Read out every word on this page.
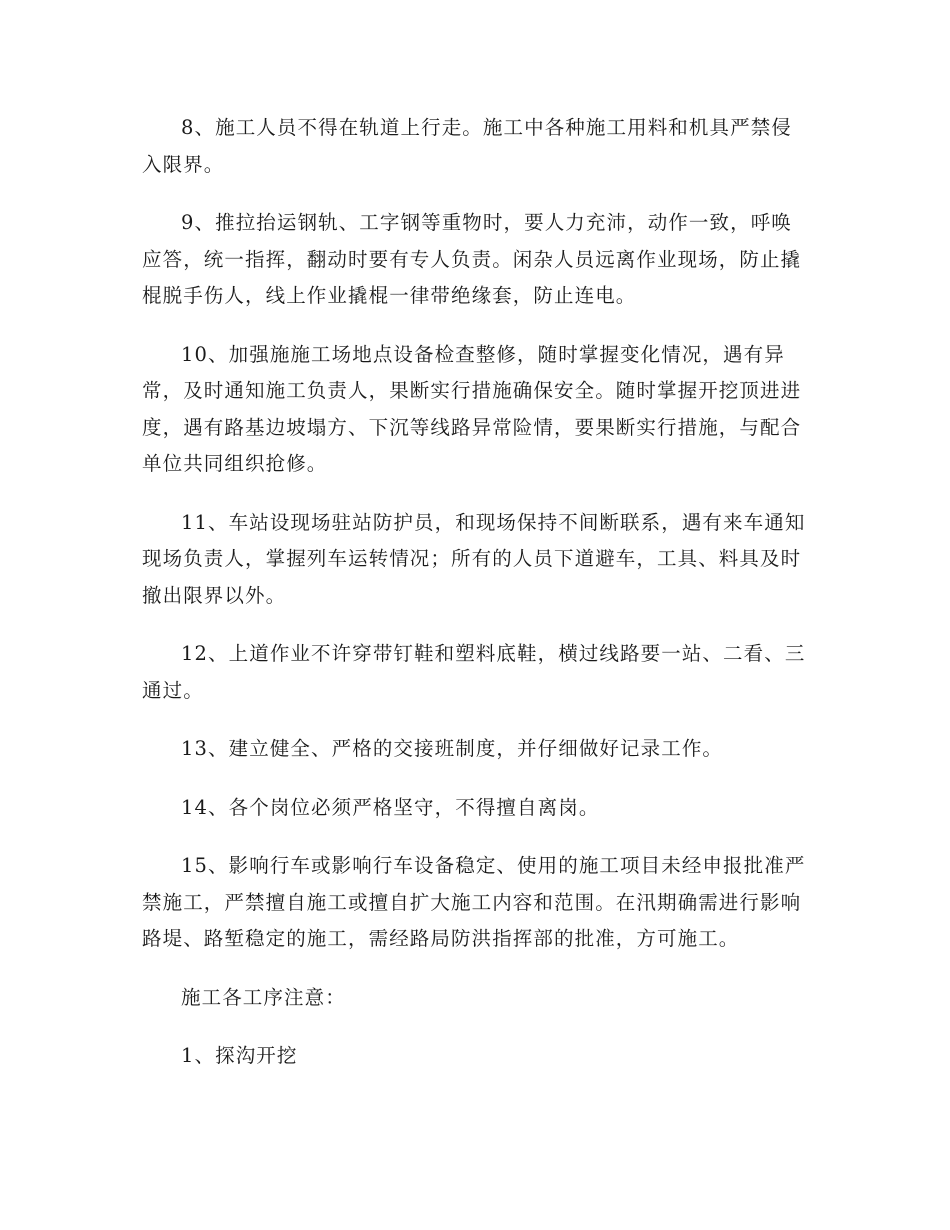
8、施工人员不得在轨道上行走。施工中各种施工用料和机具严禁侵入限界。

9、推拉抬运钢轨、工字钢等重物时，要人力充沛，动作一致，呼唤应答，统一指挥，翻动时要有专人负责。闲杂人员远离作业现场，防止撬棍脱手伤人，线上作业撬棍一律带绝缘套，防止连电。

10、加强施施工场地点设备检查整修，随时掌握变化情况，遇有异常，及时通知施工负责人，果断实行措施确保安全。随时掌握开挖顶进进度，遇有路基边坡塌方、下沉等线路异常险情，要果断实行措施，与配合单位共同组织抢修。

11、车站设现场驻站防护员，和现场保持不间断联系，遇有来车通知现场负责人，掌握列车运转情况；所有的人员下道避车，工具、料具及时撤出限界以外。

12、上道作业不许穿带钉鞋和塑料底鞋，横过线路要一站、二看、三通过。

13、建立健全、严格的交接班制度，并仔细做好记录工作。

14、各个岗位必须严格坚守，不得擅自离岗。

15、影响行车或影响行车设备稳定、使用的施工项目未经申报批准严禁施工，严禁擅自施工或擅自扩大施工内容和范围。在汛期确需进行影响路堤、路堑稳定的施工，需经路局防洪指挥部的批准，方可施工。

施工各工序注意：

1、探沟开挖
